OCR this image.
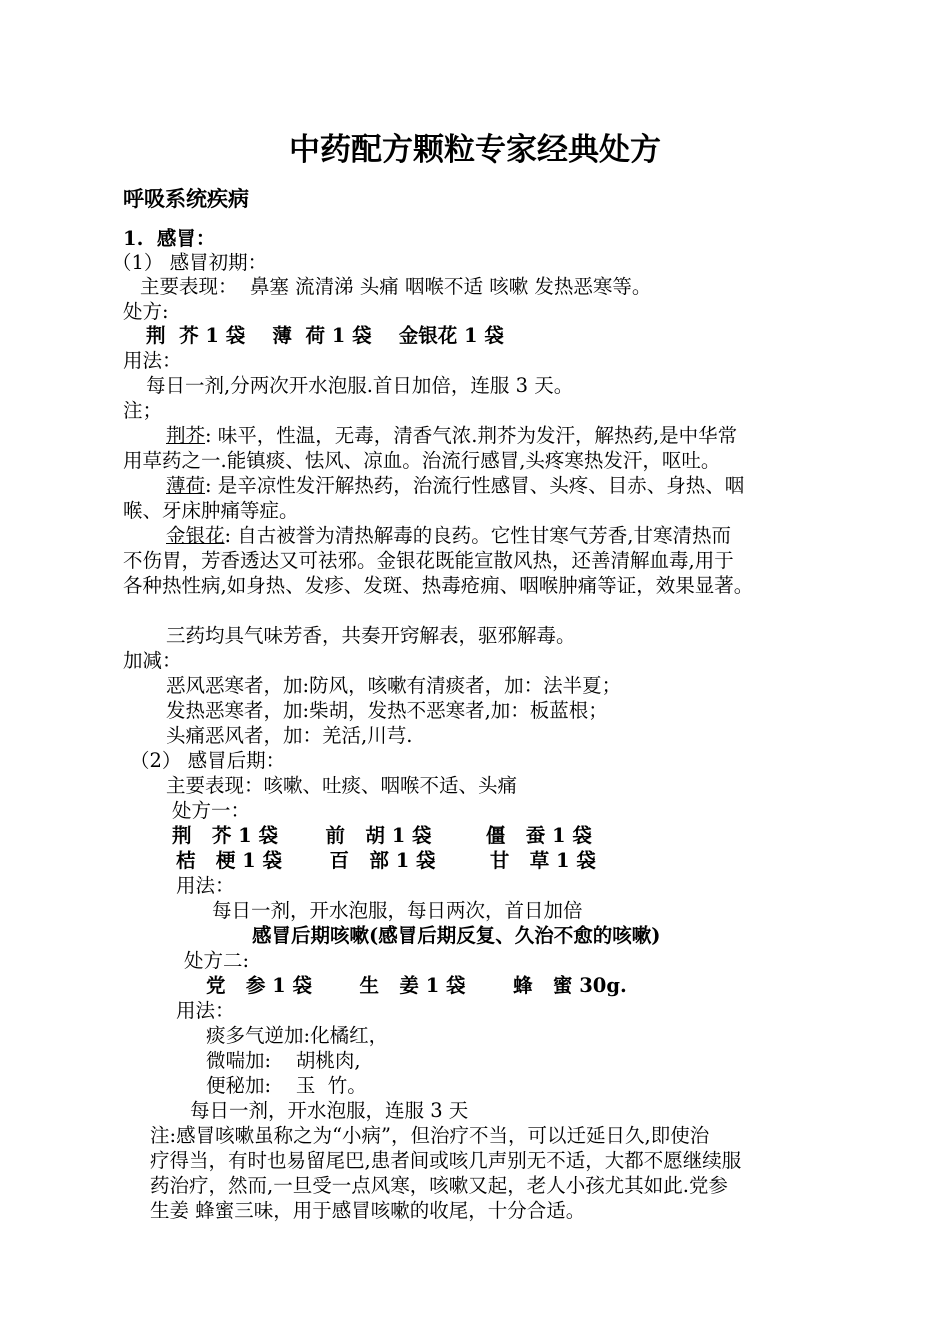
中药配方颗粒专家经典处方
呼吸系统疾病
1.  感冒：
（1） 感冒初期：
主要表现：  鼻塞 流清涕 头痛 咽喉不适 咳嗽 发热恶寒等。
处方:
荆  芥 1 袋    薄  荷 1 袋    金银花 1 袋
用法：
每日一剂,分两次开水泡服.首日加倍，连服 3 天。
注；
荆芥: 味平，性温，无毒，清香气浓.荆芥为发汗，解热药,是中华常
用草药之一.能镇痰、怯风、凉血。治流行感冒,头疼寒热发汗，呕吐。
薄荷: 是辛凉性发汗解热药，治流行性感冒、头疼、目赤、身热、咽
喉、牙床肿痛等症。
金银花: 自古被誉为清热解毒的良药。它性甘寒气芳香,甘寒清热而
不伤胃，芳香透达又可祛邪。金银花既能宣散风热，还善清解血毒,用于
各种热性病,如身热、发疹、发斑、热毒疮痈、咽喉肿痛等证，效果显著。
三药均具气味芳香，共奏开窍解表，驱邪解毒。
加减：
恶风恶寒者，加:防风，咳嗽有清痰者，加：法半夏；
发热恶寒者，加:柴胡，发热不恶寒者,加：板蓝根；
头痛恶风者，加：羌活,川芎.
（2） 感冒后期：
主要表现：咳嗽、吐痰、咽喉不适、头痛
处方一：
荆   芥 1 袋       前   胡 1 袋        僵   蚕 1 袋
桔   梗 1 袋       百   部 1 袋        甘   草 1 袋
用法：
每日一剂，开水泡服，每日两次，首日加倍
感冒后期咳嗽(感冒后期反复、久治不愈的咳嗽)
处方二:
党   参 1 袋       生   姜 1 袋       蜂   蜜 30g.
用法：
痰多气逆加:化橘红，
微喘加:    胡桃肉,
便秘加:    玉  竹。
每日一剂，开水泡服，连服 3 天
注:感冒咳嗽虽称之为“小病”，但治疗不当，可以迁延日久,即使治
疗得当，有时也易留尾巴,患者间或咳几声别无不适，大都不愿继续服
药治疗，然而,一旦受一点风寒，咳嗽又起，老人小孩尤其如此.党参
生姜 蜂蜜三味，用于感冒咳嗽的收尾，十分合适。
